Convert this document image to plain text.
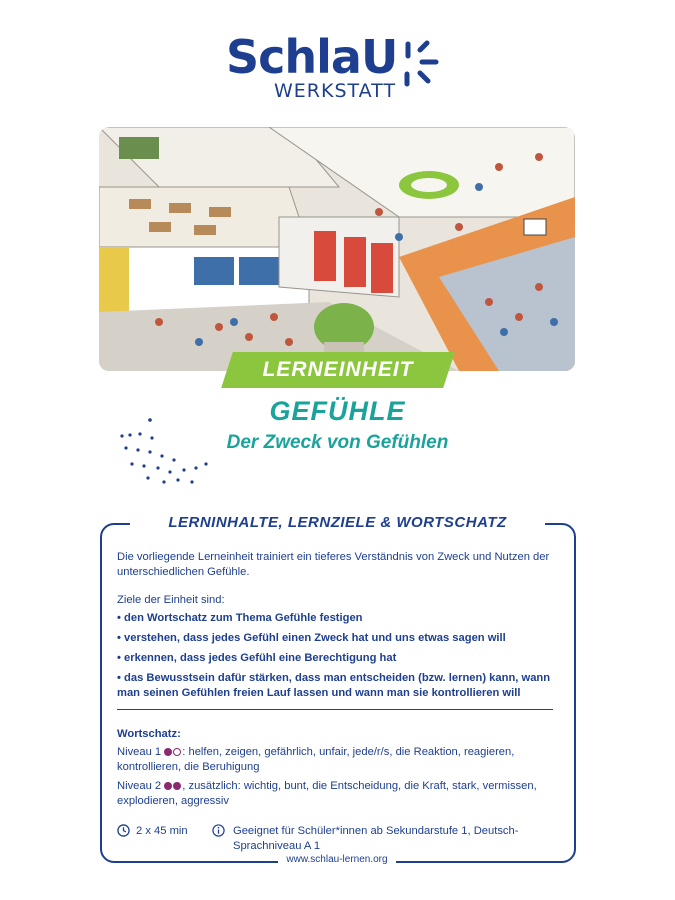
SchlaU
WERKSTATT
LERNEINHEIT
GEFÜHLE
Der Zweck von Gefühlen
LERNINHALTE, LERNZIELE & WORTSCHATZ
Die vorliegende Lerneinheit trainiert ein tieferes Verständnis von Zweck und Nutzen der unterschiedlichen Gefühle.
Ziele der Einheit sind:
• den Wortschatz zum Thema Gefühle festigen
• verstehen, dass jedes Gefühl einen Zweck hat und uns etwas sagen will
• erkennen, dass jedes Gefühl eine Berechtigung hat
• das Bewusstsein dafür stärken, dass man entscheiden (bzw. lernen) kann, wann man seinen Gefühlen freien Lauf lassen und wann man sie kontrollieren will
Wortschatz:
Niveau 1 : helfen, zeigen, gefährlich, unfair, jede/r/s, die Reaktion, reagieren, kontrollieren, die Beruhigung
Niveau 2 , zusätzlich: wichtig, bunt, die Entscheidung, die Kraft, stark, vermissen, explodieren, aggressiv
2 x 45 min	Geeignet für Schüler*innen ab Sekundarstufe 1, Deutsch-Sprachniveau A 1
www.schlau-lernen.org
